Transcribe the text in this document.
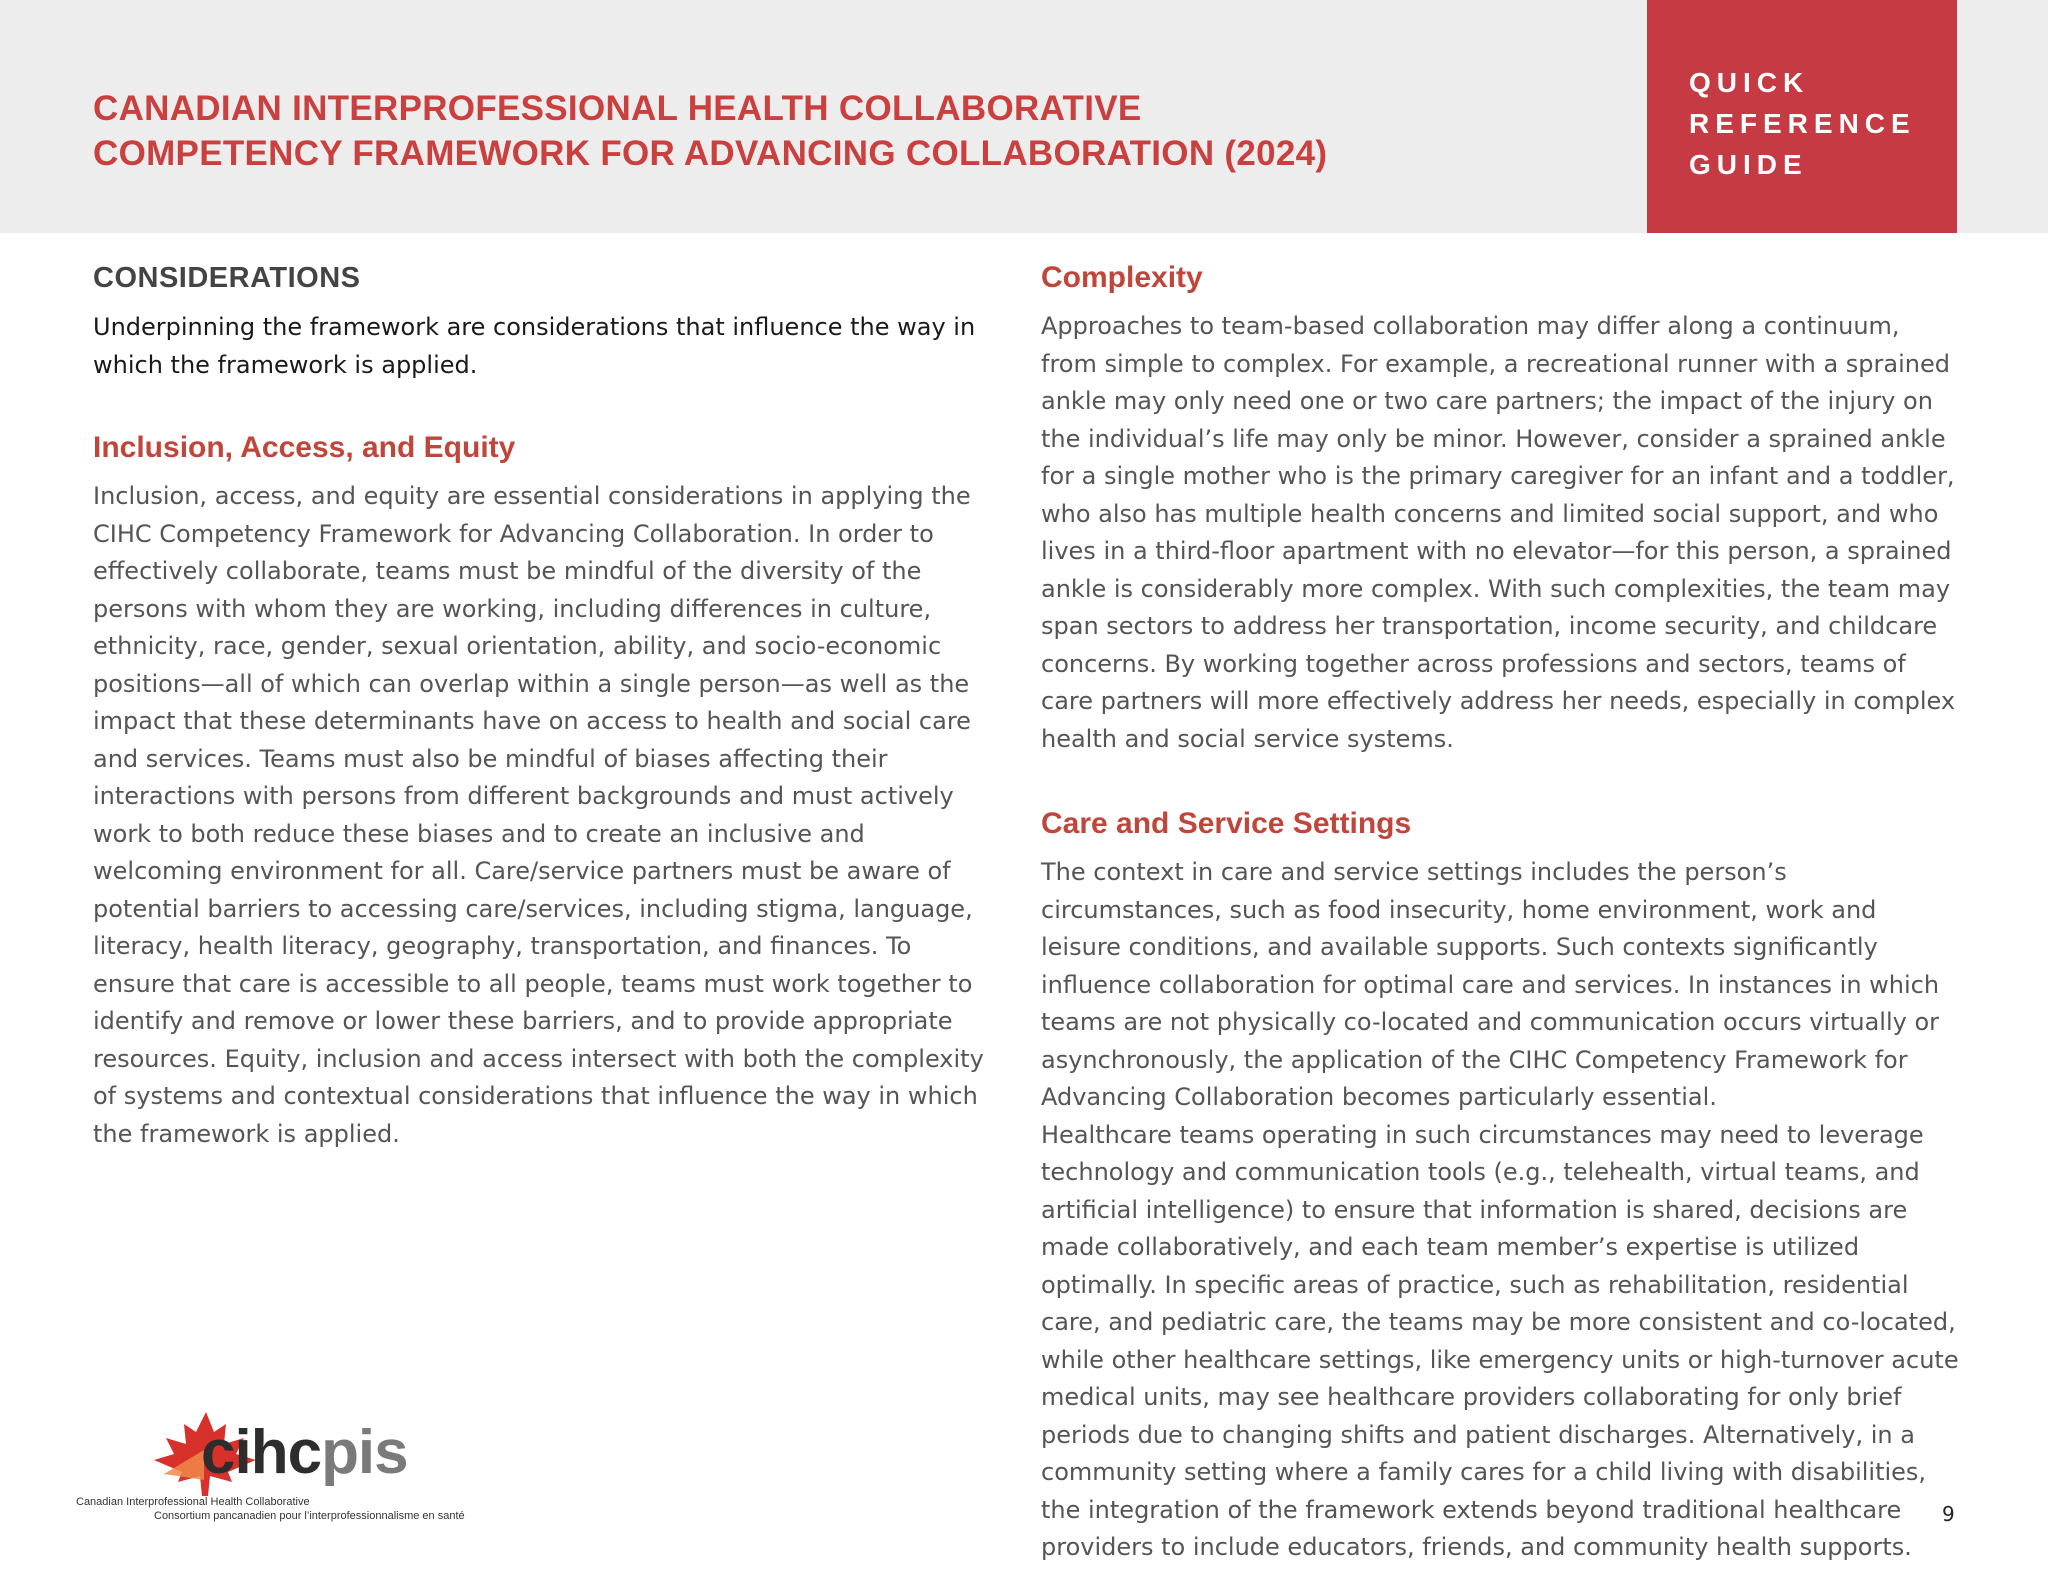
CANADIAN INTERPROFESSIONAL HEALTH COLLABORATIVE
COMPETENCY FRAMEWORK FOR ADVANCING COLLABORATION (2024)
QUICK
REFERENCE
GUIDE
CONSIDERATIONS

Underpinning the framework are considerations that influence the way in which the framework is applied.

Inclusion, Access, and Equity

Inclusion, access, and equity are essential considerations in applying the CIHC Competency Framework for Advancing Collaboration. In order to effectively collaborate, teams must be mindful of the diversity of the persons with whom they are working, including differences in culture, ethnicity, race, gender, sexual orientation, ability, and socio-economic positions—all of which can overlap within a single person—as well as the impact that these determinants have on access to health and social care and services. Teams must also be mindful of biases affecting their interactions with persons from different backgrounds and must actively work to both reduce these biases and to create an inclusive and welcoming environment for all. Care/service partners must be aware of potential barriers to accessing care/services, including stigma, language, literacy, health literacy, geography, transportation, and finances. To ensure that care is accessible to all people, teams must work together to identify and remove or lower these barriers, and to provide appropriate resources. Equity, inclusion and access intersect with both the complexity of systems and contextual considerations that influence the way in which the framework is applied.

Complexity

Approaches to team-based collaboration may differ along a continuum, from simple to complex. For example, a recreational runner with a sprained ankle may only need one or two care partners; the impact of the injury on the individual’s life may only be minor. However, consider a sprained ankle for a single mother who is the primary caregiver for an infant and a toddler, who also has multiple health concerns and limited social support, and who lives in a third-floor apartment with no elevator—for this person, a sprained ankle is considerably more complex. With such complexities, the team may span sectors to address her transportation, income security, and childcare concerns. By working together across professions and sectors, teams of care partners will more effectively address her needs, especially in complex health and social service systems.

Care and Service Settings

The context in care and service settings includes the person’s circumstances, such as food insecurity, home environment, work and leisure conditions, and available supports. Such contexts significantly influence collaboration for optimal care and services. In instances in which teams are not physically co-located and communication occurs virtually or asynchronously, the application of the CIHC Competency Framework for Advancing Collaboration becomes particularly essential.

Healthcare teams operating in such circumstances may need to leverage technology and communication tools (e.g., telehealth, virtual teams, and artificial intelligence) to ensure that information is shared, decisions are made collaboratively, and each team member’s expertise is utilized optimally. In specific areas of practice, such as rehabilitation, residential care, and pediatric care, the teams may be more consistent and co-located, while other healthcare settings, like emergency units or high-turnover acute medical units, may see healthcare providers collaborating for only brief periods due to changing shifts and patient discharges. Alternatively, in a community setting where a family cares for a child living with disabilities, the integration of the framework extends beyond traditional healthcare providers to include educators, friends, and community health supports.

cihcpis
Canadian Interprofessional Health Collaborative
Consortium pancanadien pour l’interprofessionnalisme en santé	9
